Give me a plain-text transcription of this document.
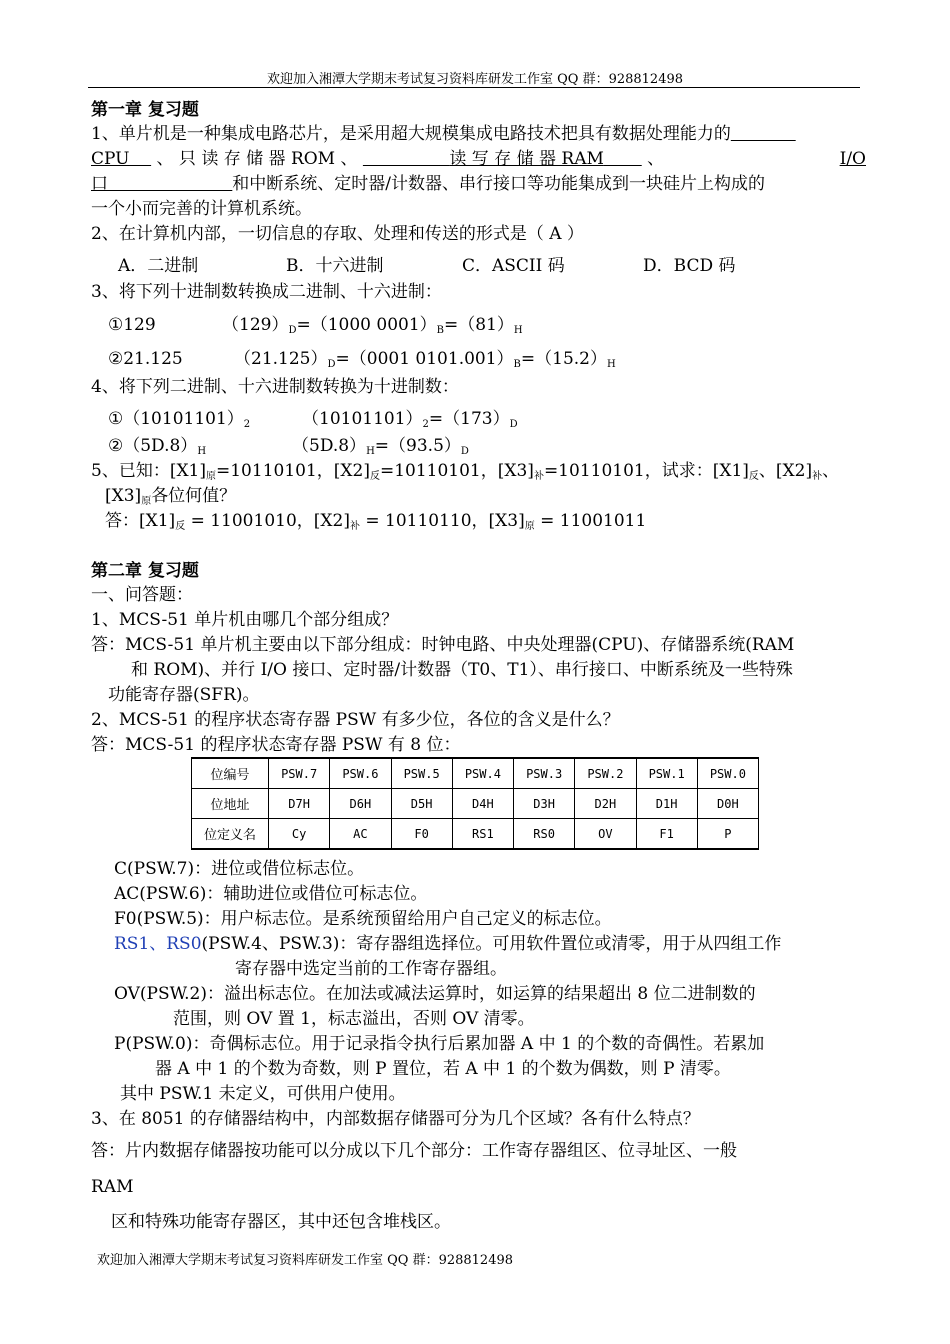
欢迎加入湘潭大学期末考试复习资料库研发工作室 QQ 群：928812498
第一章 复习题
1、单片机是一种集成电路芯片，是采用超大规模集成电路技术把具有数据处理能力的
CPU 、 只 读 存 储 器 ROM 、	读 写 存 储 器 RAM	、	I/O
口	和中断系统、定时器/计数器、串行接口等功能集成到一块硅片上构成的
一个小而完善的计算机系统。
2、在计算机内部，一切信息的存取、处理和传送的形式是（ A ）
A．二进制	B．十六进制	C．ASCII 码	D．BCD 码
3、将下列十进制数转换成二进制、十六进制：
①129	$(129)_D=(1000$ $0001)_B=(81)_H$
②21.125	$(21.125)_D=(0001$ $0101.001)_B=(15.2)_H$
4、将下列二进制、十六进制数转换为十进制数：
$①(10101101)_2$	$(10101101)_2=(173)_D$
$②(5D.8)_H$	$(5D.8)_H=(93.5)_D$
5、已知：$[X1]_原=10110101$，$[X2]_反=10110101$，$[X3]_补=10110101$，试求：$[X1]_反$、$[X2]_补$、
$[X3]_原$各位何值？
答：$[X1]_反 = 11001010$，$[X2]_补 = 10110110$，$[X3]_原 = 11001011$
第二章 复习题
一、问答题：
1、MCS-51 单片机由哪几个部分组成？
答：MCS-51 单片机主要由以下部分组成：时钟电路、中央处理器(CPU)、存储器系统(RAM
和 ROM)、并行 I/O 接口、定时器/计数器（T0、T1）、串行接口、中断系统及一些特殊
功能寄存器(SFR)。
2、MCS-51 的程序状态寄存器 PSW 有多少位，各位的含义是什么？
答：MCS-51 的程序状态寄存器 PSW 有 8 位：
位编号	PSW.7	PSW.6	PSW.5	PSW.4	PSW.3	PSW.2	PSW.1	PSW.0
位地址	D7H	D6H	D5H	D4H	D3H	D2H	D1H	D0H
位定义名	Cy	AC	F0	RS1	RS0	OV	F1	P
C(PSW.7)：进位或借位标志位。
AC(PSW.6)：辅助进位或借位可标志位。
F0(PSW.5)：用户标志位。是系统预留给用户自己定义的标志位。
RS1、RS0(PSW.4、PSW.3)：寄存器组选择位。可用软件置位或清零，用于从四组工作
寄存器中选定当前的工作寄存器组。
OV(PSW.2)：溢出标志位。在加法或减法运算时，如运算的结果超出 8 位二进制数的
范围，则 OV 置 1，标志溢出，否则 OV 清零。
P(PSW.0)：奇偶标志位。用于记录指令执行后累加器 A 中 1 的个数的奇偶性。若累加
器 A 中 1 的个数为奇数，则 P 置位，若 A 中 1 的个数为偶数，则 P 清零。
其中 PSW.1 未定义，可供用户使用。
3、在 8051 的存储器结构中，内部数据存储器可分为几个区域？各有什么特点？
答：片内数据存储器按功能可以分成以下几个部分：工作寄存器组区、位寻址区、一般
RAM
区和特殊功能寄存器区，其中还包含堆栈区。
欢迎加入湘潭大学期末考试复习资料库研发工作室 QQ 群：928812498
